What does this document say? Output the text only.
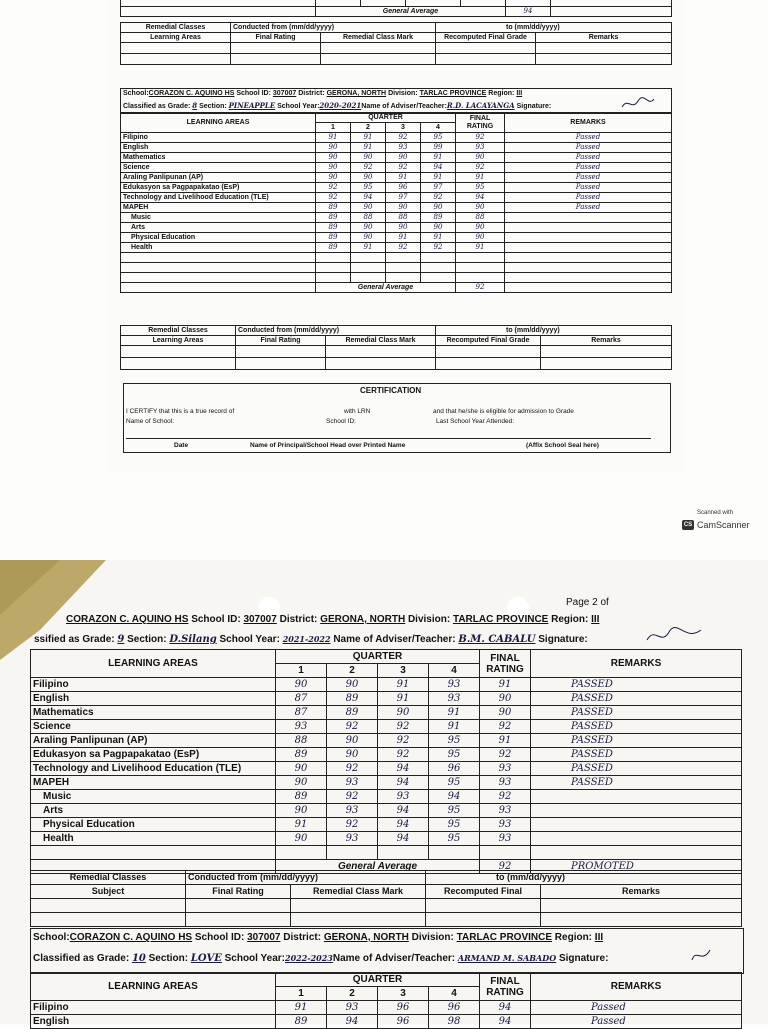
	General Average				94	
Remedial Classes	Conducted from (mm/dd/yyyy)		to (mm/dd/yyyy)	
Learning Areas	Final Rating	Remedial Class Mark	Recomputed Final Grade	Remarks

School:CORAZON C. AQUINO HS School ID: 307007 District: GERONA, NORTH Division: TARLAC PROVINCE Region: III
Classified as Grade: 8 Section: PINEAPPLE School Year:2020-2021Name of Adviser/Teacher:R.D. LACAYANGA Signature:
LEARNING AREAS	QUARTER				FINAL RATING	REMARKS
	1	2	3	4		
Filipino	91	91	92	95	92	Passed
English	90	91	93	99	93	Passed
Mathematics	90	90	90	91	90	Passed
Science	90	92	92	94	92	Passed
Araling Panlipunan (AP)	90	90	91	91	91	Passed
Edukasyon sa Pagpapakatao (EsP)	92	95	96	97	95	Passed
Technology and Livelihood Education (TLE)	92	94	97	92	94	Passed
MAPEH	89	90	90	90	90	Passed
Music	89	88	88	89	88	
Arts	89	90	90	90	90	
Physical Education	89	90	91	91	90	
Health	89	91	92	92	91	

	General Average				92	
Remedial Classes	Conducted from (mm/dd/yyyy)		to (mm/dd/yyyy)	
Learning Areas	Final Rating	Remedial Class Mark	Recomputed Final Grade	Remarks

CERTIFICATION
I CERTIFY that this is a true record of	with LRN	and that he/she is eligible for admission to Grade
Name of School:	School ID:	Last School Year Attended:
Date	Name of Principal/School Head over Printed Name	(Affix School Seal here)
Scanned with
CS CamScanner
Page 2 of
CORAZON C. AQUINO HS School ID: 307007 District: GERONA, NORTH Division: TARLAC PROVINCE Region: III
ssified as Grade: 9 Section: D.Silang School Year: 2021-2022 Name of Adviser/Teacher: B.M. CABALU Signature:
LEARNING AREAS	QUARTER				FINAL RATING	REMARKS
	1	2	3	4		
Filipino	90	90	91	93	91	PASSED
English	87	89	91	93	90	PASSED
Mathematics	87	89	90	91	90	PASSED
Science	93	92	92	91	92	PASSED
Araling Panlipunan (AP)	88	90	92	95	91	PASSED
Edukasyon sa Pagpapakatao (EsP)	89	90	92	95	92	PASSED
Technology and Livelihood Education (TLE)	90	92	94	96	93	PASSED
MAPEH	90	93	94	95	93	PASSED
Music	89	92	93	94	92	
Arts	90	93	94	95	93	
Physical Education	91	92	94	95	93	
Health	90	93	94	95	93	

	General Average				92	PROMOTED
Remedial Classes	Conducted from (mm/dd/yyyy)		to (mm/dd/yyyy)	
Subject	Final Rating	Remedial Class Mark	Recomputed Final	Remarks

School:CORAZON C. AQUINO HS School ID: 307007 District: GERONA, NORTH Division: TARLAC PROVINCE Region: III
Classified as Grade: 10 Section: LOVE School Year:2022-2023Name of Adviser/Teacher: ARMAND M. SABADO Signature:
LEARNING AREAS	QUARTER				FINAL RATING	REMARKS
	1	2	3	4		
Filipino	91	93	96	96	94	Passed
English	89	94	96	98	94	Passed
